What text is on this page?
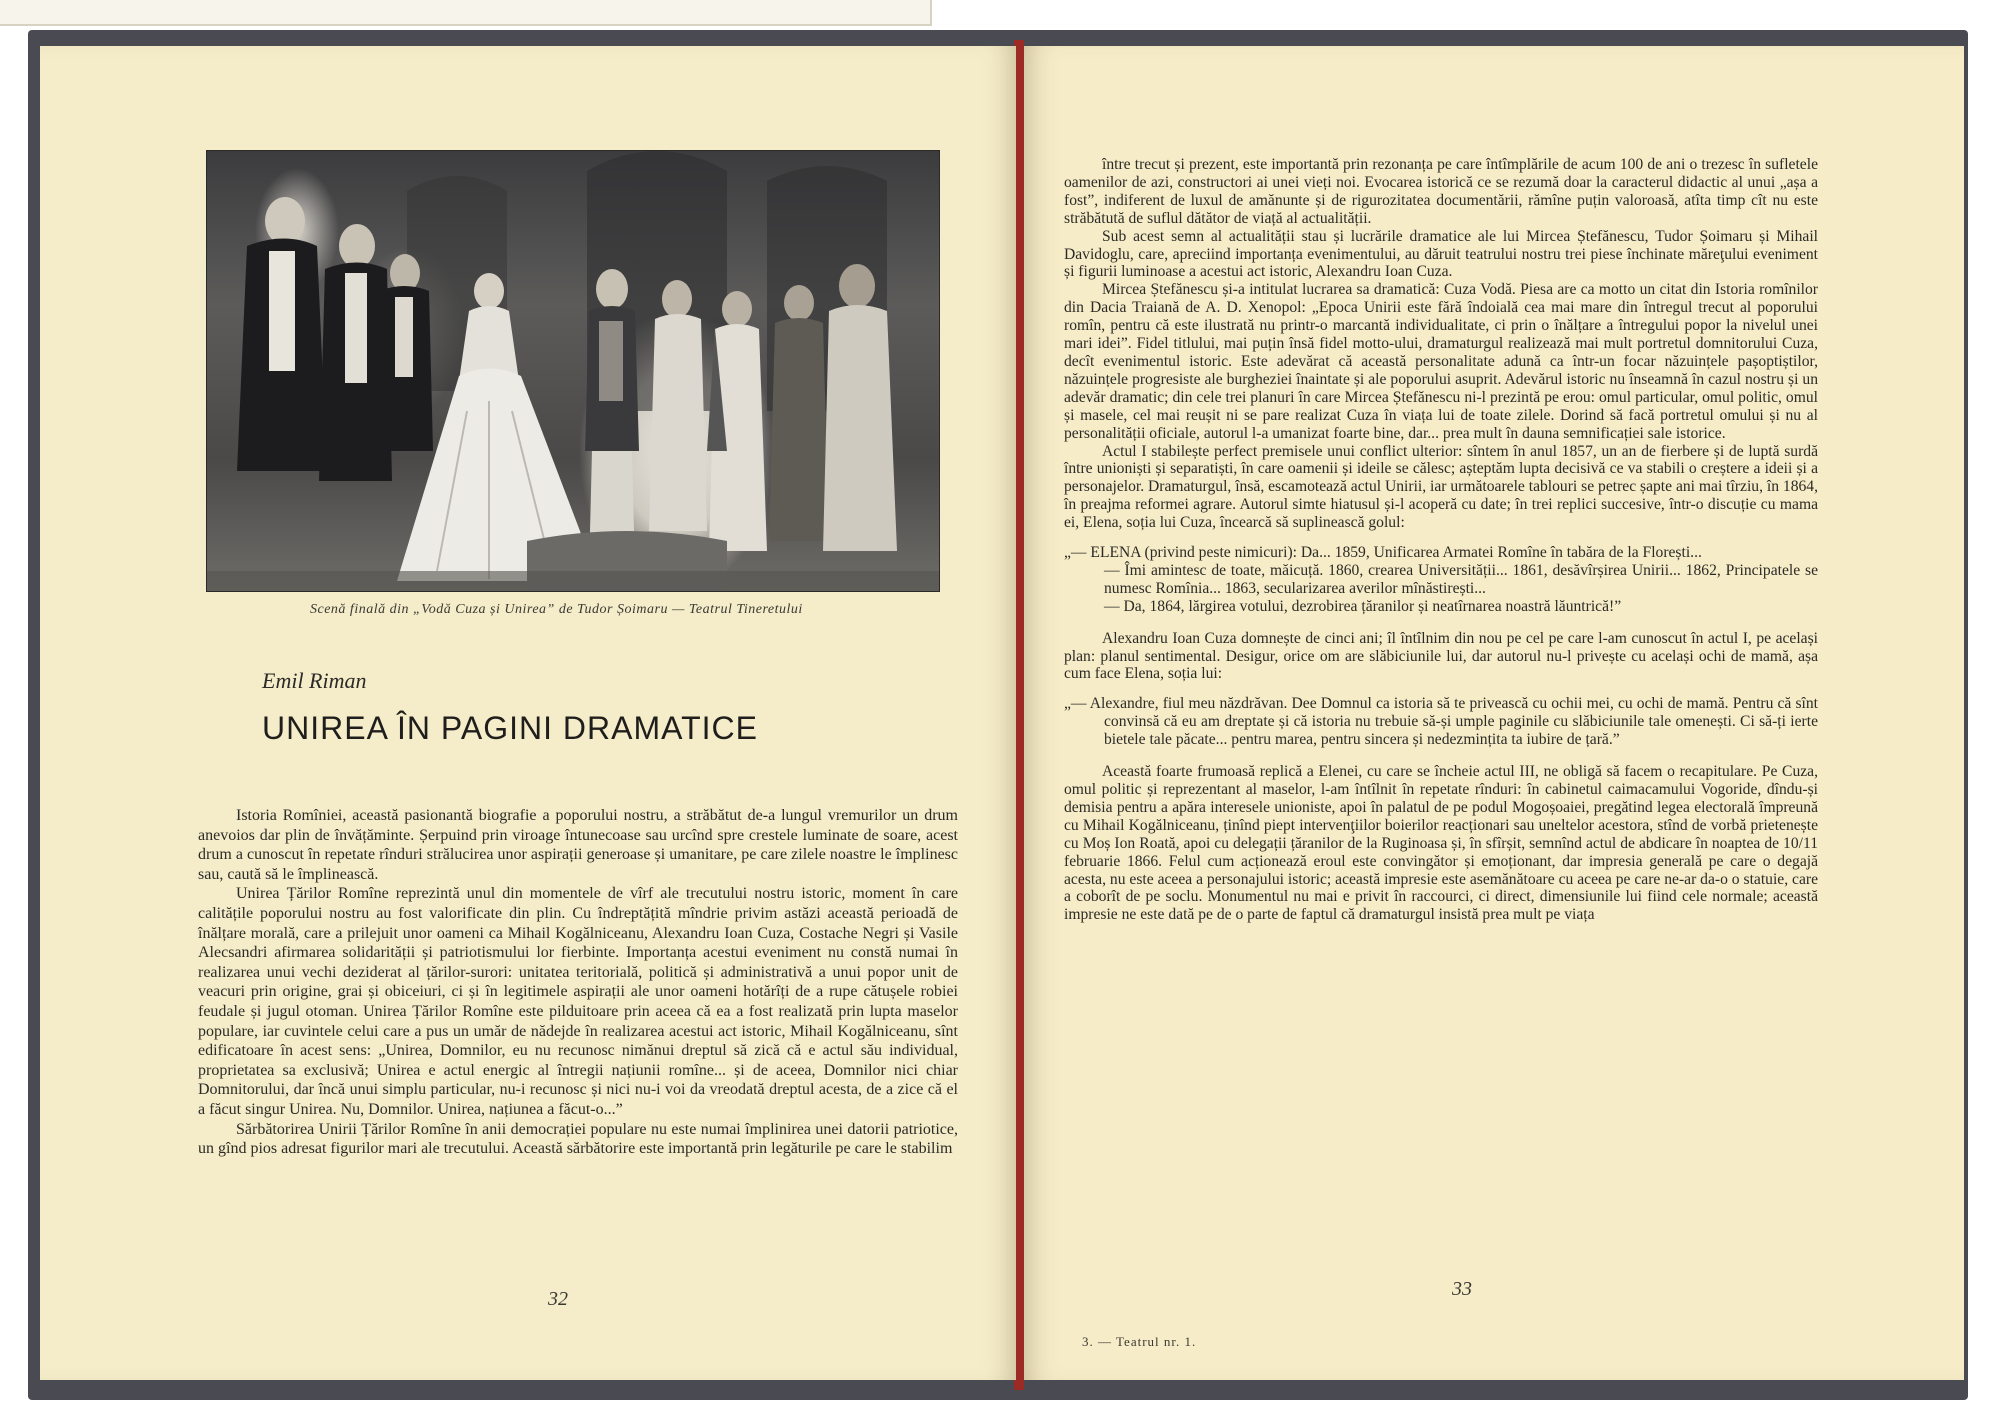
Scenă finală din „Vodă Cuza și Unirea” de Tudor Șoimaru — Teatrul Tineretului
Emil Riman
UNIREA ÎN PAGINI DRAMATICE

Istoria Romîniei, această pasionantă biografie a poporului nostru, a străbătut de-a lungul vremurilor un drum anevoios dar plin de învățăminte. Șerpuind prin viroage întunecoase sau urcînd spre crestele luminate de soare, acest drum a cunoscut în repetate rînduri strălucirea unor aspirații generoase și umanitare, pe care zilele noastre le împlinesc sau, caută să le împlinească.

Unirea Țărilor Romîne reprezintă unul din momentele de vîrf ale trecutului nostru istoric, moment în care calitățile poporului nostru au fost valorificate din plin. Cu îndreptățită mîndrie privim astăzi această perioadă de înălțare morală, care a prilejuit unor oameni ca Mihail Kogălniceanu, Alexandru Ioan Cuza, Costache Negri și Vasile Alecsandri afirmarea solidarității și patriotismului lor fierbinte. Importanța acestui eveniment nu constă numai în realizarea unui vechi deziderat al țărilor-surori: unitatea teritorială, politică și administrativă a unui popor unit de veacuri prin origine, grai și obiceiuri, ci și în legitimele aspirații ale unor oameni hotărîți de a rupe cătușele robiei feudale și jugul otoman. Unirea Țărilor Romîne este pilduitoare prin aceea că ea a fost realizată prin lupta maselor populare, iar cuvintele celui care a pus un umăr de nădejde în realizarea acestui act istoric, Mihail Kogălniceanu, sînt edificatoare în acest sens: „Unirea, Domnilor, eu nu recunosc nimănui dreptul să zică că e actul său individual, proprietatea sa exclusivă; Unirea e actul energic al întregii națiunii romîne... și de aceea, Domnilor nici chiar Domnitorului, dar încă unui simplu particular, nu-i recunosc și nici nu-i voi da vreodată dreptul acesta, de a zice că el a făcut singur Unirea. Nu, Domnilor. Unirea, națiunea a făcut-o...”

Sărbătorirea Unirii Țărilor Romîne în anii democrației populare nu este numai împlinirea unei datorii patriotice, un gînd pios adresat figurilor mari ale trecutului. Această sărbătorire este importantă prin legăturile pe care le stabilim

32

între trecut și prezent, este importantă prin rezonanța pe care întîmplările de acum 100 de ani o trezesc în sufletele oamenilor de azi, constructori ai unei vieți noi. Evocarea istorică ce se rezumă doar la caracterul didactic al unui „așa a fost”, indiferent de luxul de amănunte și de rigurozitatea documentării, rămîne puțin valoroasă, atîta timp cît nu este străbătută de suflul dătător de viață al actualității.

Sub acest semn al actualității stau și lucrările dramatice ale lui Mircea Ștefănescu, Tudor Șoimaru și Mihail Davidoglu, care, apreciind importanța evenimentului, au dăruit teatrului nostru trei piese închinate măreţului eveniment și figurii luminoase a acestui act istoric, Alexandru Ioan Cuza.

Mircea Ștefănescu și-a intitulat lucrarea sa dramatică: Cuza Vodă. Piesa are ca motto un citat din Istoria romînilor din Dacia Traiană de A. D. Xenopol: „Epoca Unirii este fără îndoială cea mai mare din întregul trecut al poporului romîn, pentru că este ilustrată nu printr-o marcantă individualitate, ci prin o înălțare a întregului popor la nivelul unei mari idei”. Fidel titlului, mai puțin însă fidel motto-ului, dramaturgul realizează mai mult portretul domnitorului Cuza, decît evenimentul istoric. Este adevărat că această personalitate adună ca într-un focar năzuințele pașoptiștilor, năzuințele progresiste ale burgheziei înaintate și ale poporului asuprit. Adevărul istoric nu înseamnă în cazul nostru și un adevăr dramatic; din cele trei planuri în care Mircea Ștefănescu ni-l prezintă pe erou: omul particular, omul politic, omul și masele, cel mai reușit ni se pare realizat Cuza în viața lui de toate zilele. Dorind să facă portretul omului și nu al personalității oficiale, autorul l-a umanizat foarte bine, dar... prea mult în dauna semnificației sale istorice.

Actul I stabilește perfect premisele unui conflict ulterior: sîntem în anul 1857, un an de fierbere și de luptă surdă între unioniști și separatiști, în care oamenii și ideile se călesc; așteptăm lupta decisivă ce va stabili o creștere a ideii și a personajelor. Dramaturgul, însă, escamotează actul Unirii, iar următoarele tablouri se petrec șapte ani mai tîrziu, în 1864, în preajma reformei agrare. Autorul simte hiatusul și-l acoperă cu date; în trei replici succesive, într-o discuție cu mama ei, Elena, soția lui Cuza, încearcă să suplinească golul:

„— ELENA (privind peste nimicuri): Da... 1859, Unificarea Armatei Romîne în tabăra de la Florești...

— Îmi amintesc de toate, măicuță. 1860, crearea Universității... 1861, desăvîrșirea Unirii... 1862, Principatele se numesc Romînia... 1863, secularizarea averilor mînăstirești...

— Da, 1864, lărgirea votului, dezrobirea țăranilor și neatîrnarea noastră lăuntrică!”

Alexandru Ioan Cuza domnește de cinci ani; îl întîlnim din nou pe cel pe care l-am cunoscut în actul I, pe același plan: planul sentimental. Desigur, orice om are slăbiciunile lui, dar autorul nu-l privește cu același ochi de mamă, așa cum face Elena, soția lui:

„— Alexandre, fiul meu năzdrăvan. Dee Domnul ca istoria să te privească cu ochii mei, cu ochi de mamă. Pentru că sînt convinsă că eu am dreptate și că istoria nu trebuie să-și umple paginile cu slăbiciunile tale omenești. Ci să-ți ierte bietele tale păcate... pentru marea, pentru sincera și nedezmințita ta iubire de țară.”

Această foarte frumoasă replică a Elenei, cu care se încheie actul III, ne obligă să facem o recapitulare. Pe Cuza, omul politic și reprezentant al maselor, l-am întîlnit în repetate rînduri: în cabinetul caimacamului Vogoride, dîndu-și demisia pentru a apăra interesele unioniste, apoi în palatul de pe podul Mogoșoaiei, pregătind legea electorală împreună cu Mihail Kogălniceanu, ținînd piept intervenţiilor boierilor reacționari sau uneltelor acestora, stînd de vorbă prietenește cu Moș Ion Roată, apoi cu delegații țăranilor de la Ruginoasa și, în sfîrșit, semnînd actul de abdicare în noaptea de 10/11 februarie 1866. Felul cum acționează eroul este convingător și emoționant, dar impresia generală pe care o degajă acesta, nu este aceea a personajului istoric; această impresie este asemănătoare cu aceea pe care ne-ar da-o o statuie, care a coborît de pe soclu. Monumentul nu mai e privit în raccourci, ci direct, dimensiunile lui fiind cele normale; această impresie ne este dată pe de o parte de faptul că dramaturgul insistă prea mult pe viața

3. — Teatrul nr. 1.
33
